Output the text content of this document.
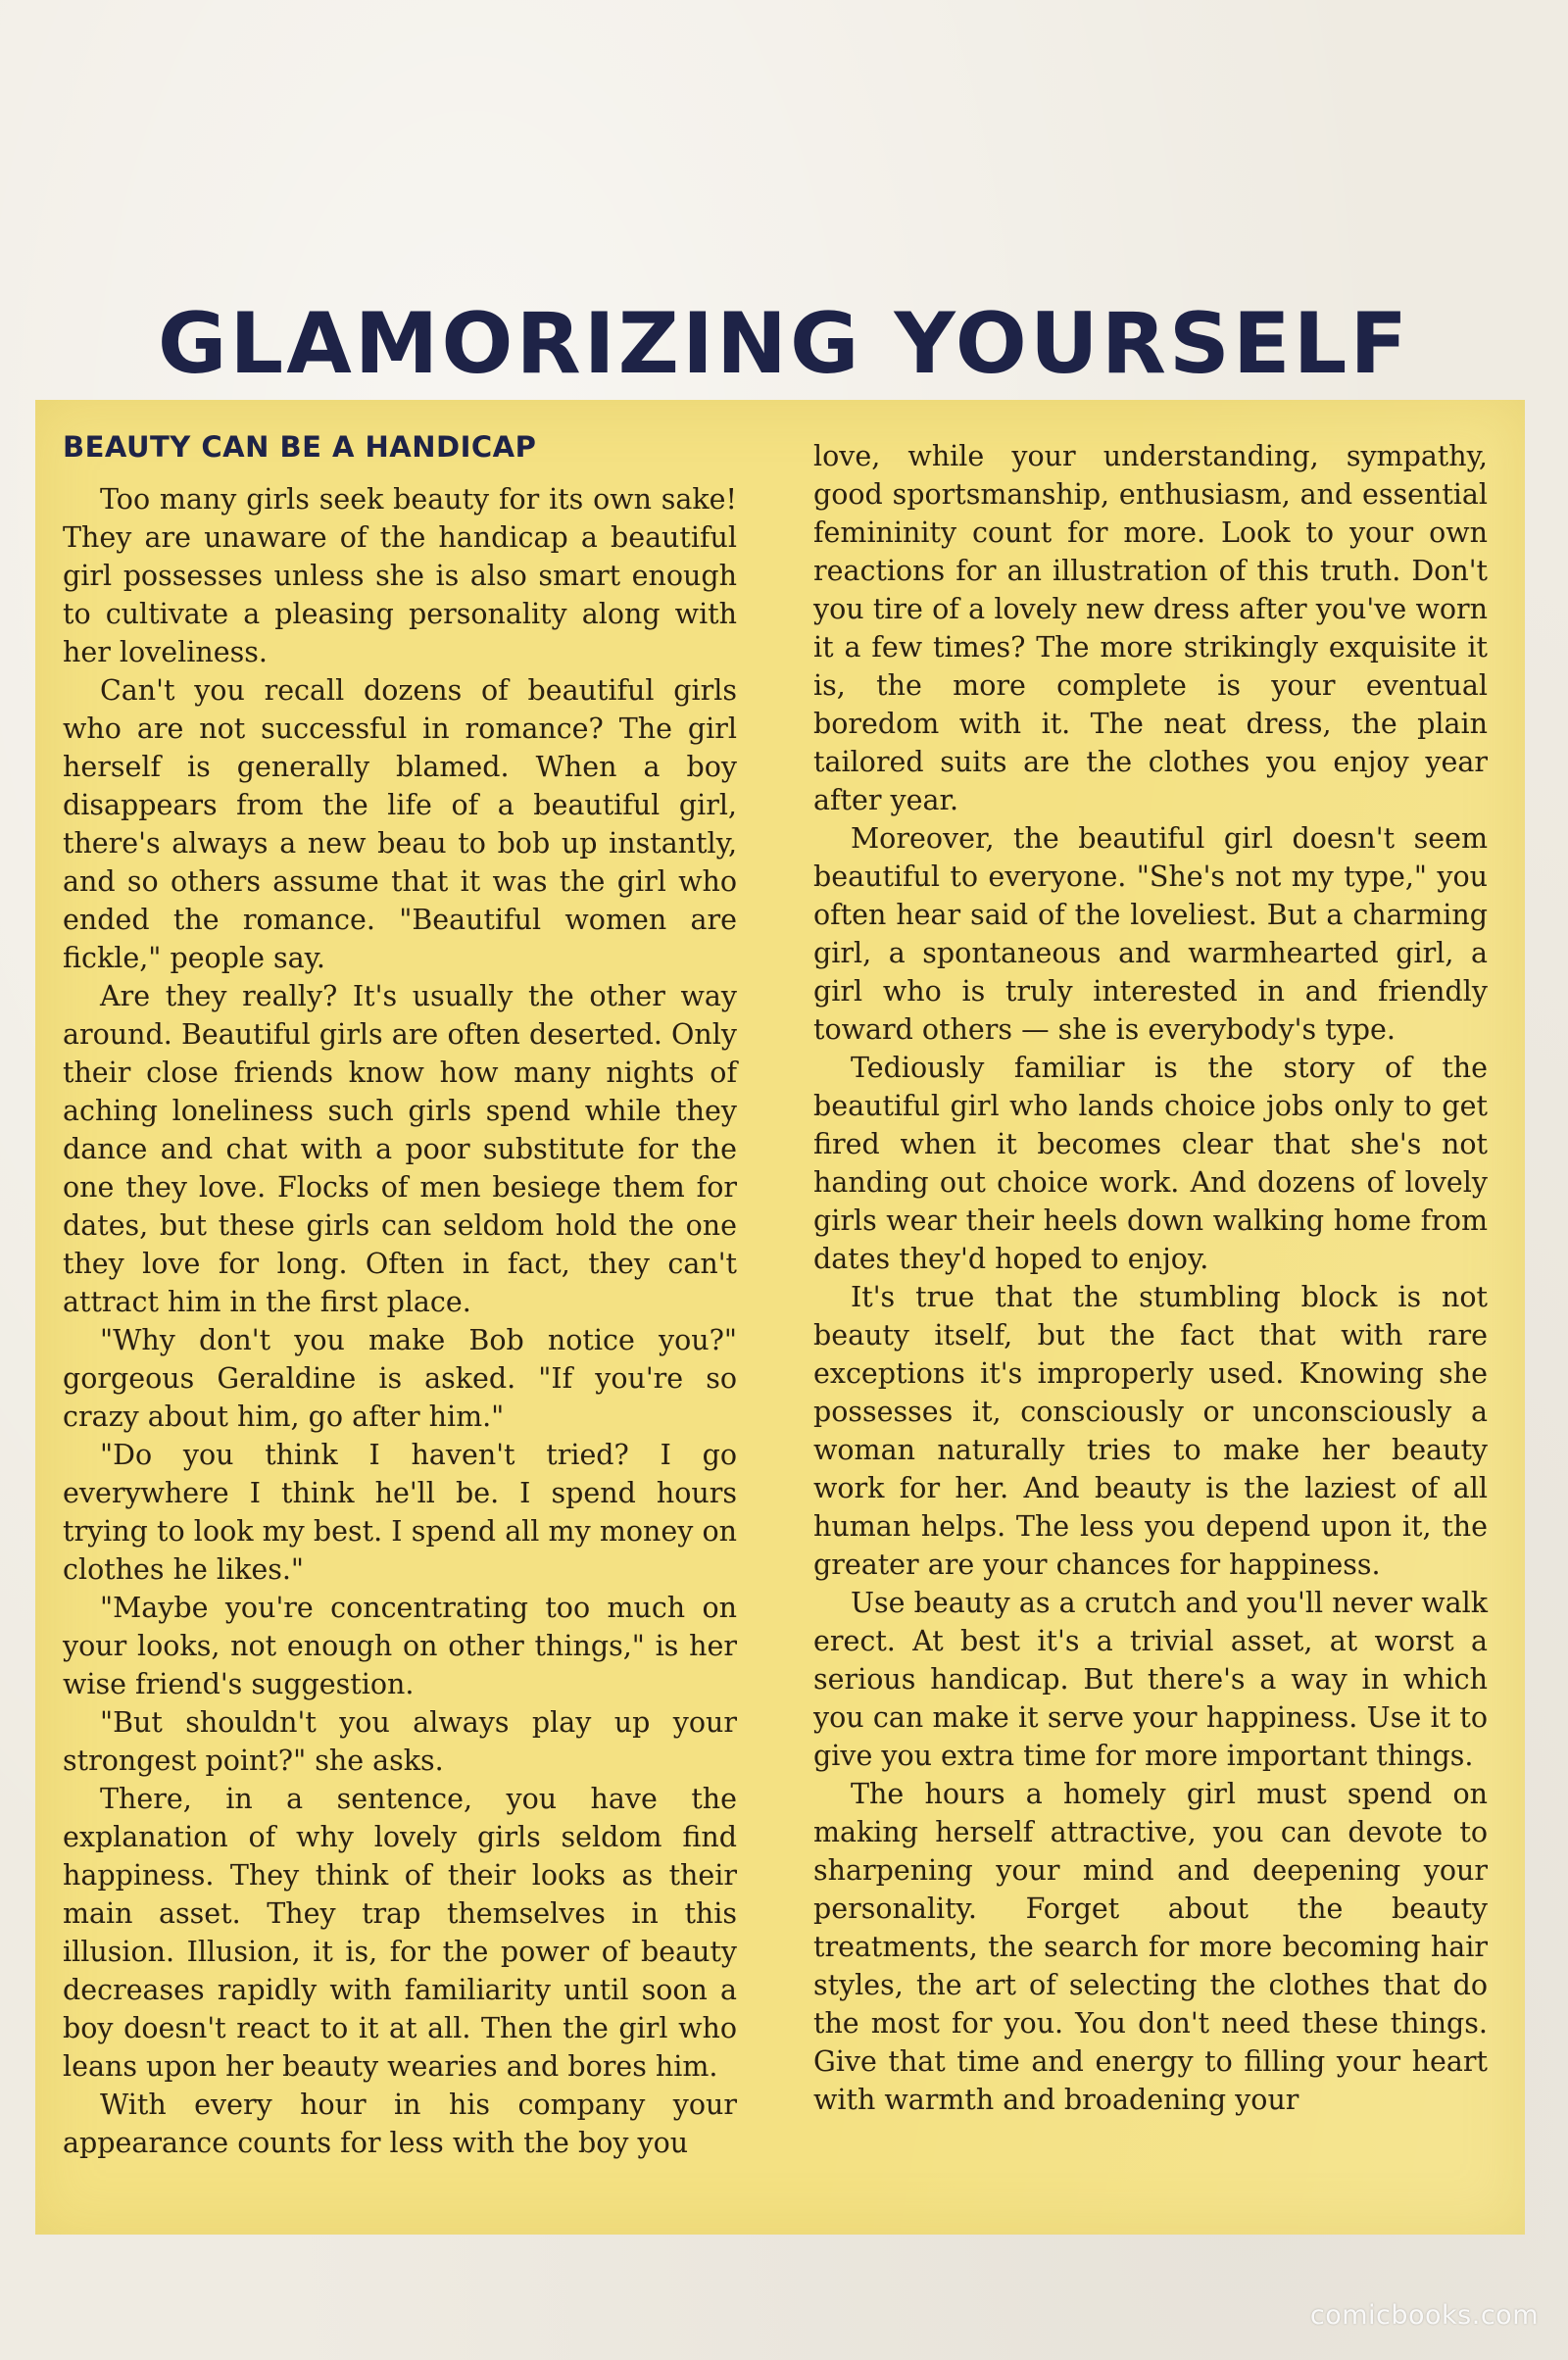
GLAMORIZING YOURSELF
BEAUTY CAN BE A HANDICAP

Too many girls seek beauty for its own sake! They are unaware of the handicap a beautiful girl possesses unless she is also smart enough to cultivate a pleasing personality along with her loveliness.

Can't you recall dozens of beautiful girls who are not successful in romance? The girl herself is generally blamed. When a boy disappears from the life of a beautiful girl, there's always a new beau to bob up instantly, and so others assume that it was the girl who ended the romance. "Beautiful women are fickle," people say.

Are they really? It's usually the other way around. Beautiful girls are often deserted. Only their close friends know how many nights of aching loneliness such girls spend while they dance and chat with a poor substitute for the one they love. Flocks of men besiege them for dates, but these girls can seldom hold the one they love for long. Often in fact, they can't attract him in the first place.

"Why don't you make Bob notice you?" gorgeous Geraldine is asked. "If you're so crazy about him, go after him."

"Do you think I haven't tried? I go everywhere I think he'll be. I spend hours trying to look my best. I spend all my money on clothes he likes."

"Maybe you're concentrating too much on your looks, not enough on other things," is her wise friend's suggestion.

"But shouldn't you always play up your strongest point?" she asks.

There, in a sentence, you have the explanation of why lovely girls seldom find happiness. They think of their looks as their main asset. They trap themselves in this illusion. Illusion, it is, for the power of beauty decreases rapidly with familiarity until soon a boy doesn't react to it at all. Then the girl who leans upon her beauty wearies and bores him.

With every hour in his company your appearance counts for less with the boy you

love, while your understanding, sympathy, good sportsmanship, enthusiasm, and essential femininity count for more. Look to your own reactions for an illustration of this truth. Don't you tire of a lovely new dress after you've worn it a few times? The more strikingly exquisite it is, the more complete is your eventual boredom with it. The neat dress, the plain tailored suits are the clothes you enjoy year after year.

Moreover, the beautiful girl doesn't seem beautiful to everyone. "She's not my type," you often hear said of the loveliest. But a charming girl, a spontaneous and warmhearted girl, a girl who is truly interested in and friendly toward others — she is everybody's type.

Tediously familiar is the story of the beautiful girl who lands choice jobs only to get fired when it becomes clear that she's not handing out choice work. And dozens of lovely girls wear their heels down walking home from dates they'd hoped to enjoy.

It's true that the stumbling block is not beauty itself, but the fact that with rare exceptions it's improperly used. Knowing she possesses it, consciously or unconsciously a woman naturally tries to make her beauty work for her. And beauty is the laziest of all human helps. The less you depend upon it, the greater are your chances for happiness.

Use beauty as a crutch and you'll never walk erect. At best it's a trivial asset, at worst a serious handicap. But there's a way in which you can make it serve your happiness. Use it to give you extra time for more important things.

The hours a homely girl must spend on making herself attractive, you can devote to sharpening your mind and deepening your personality. Forget about the beauty treatments, the search for more becoming hair styles, the art of selecting the clothes that do the most for you. You don't need these things. Give that time and energy to filling your heart with warmth and broadening your

comicbooks.com
